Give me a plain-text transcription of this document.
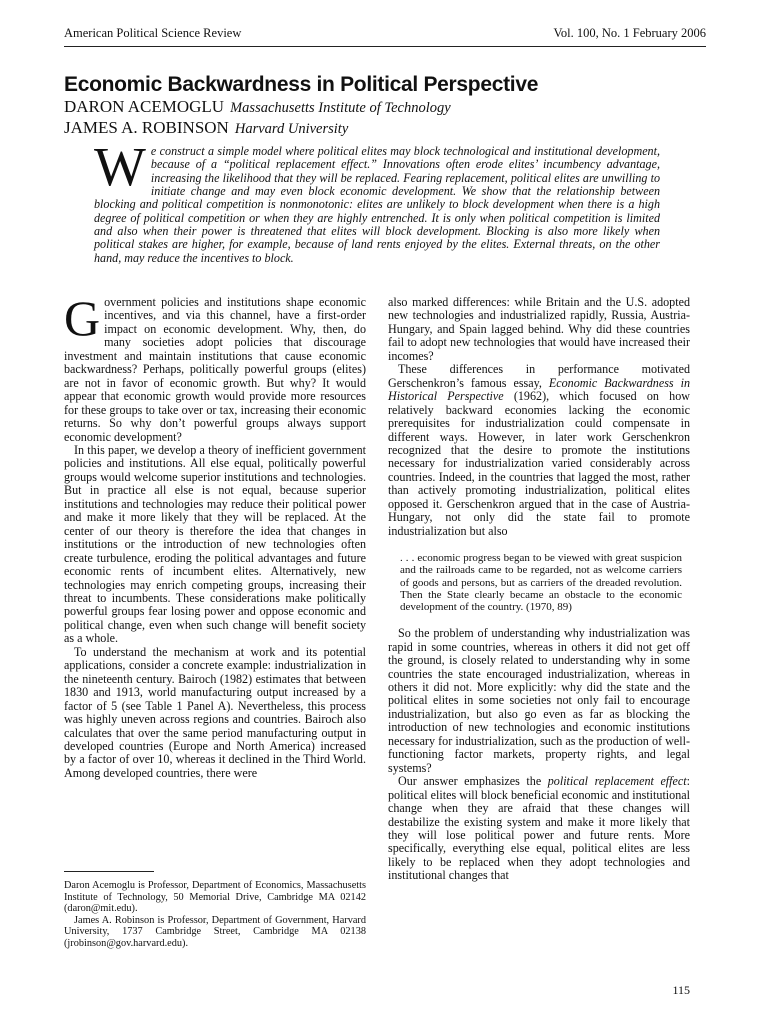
American Political Science Review	Vol. 100, No. 1 February 2006
Economic Backwardness in Political Perspective
DARON ACEMOGLU Massachusetts Institute of Technology
JAMES A. ROBINSON Harvard University

We construct a simple model where political elites may block technological and institutional development, because of a “political replacement effect.” Innovations often erode elites’ incumbency advantage, increasing the likelihood that they will be replaced. Fearing replacement, political elites are unwilling to initiate change and may even block economic development. We show that the relationship between blocking and political competition is nonmonotonic: elites are unlikely to block development when there is a high degree of political competition or when they are highly entrenched. It is only when political competition is limited and also when their power is threatened that elites will block development. Blocking is also more likely when political stakes are higher, for example, because of land rents enjoyed by the elites. External threats, on the other hand, may reduce the incentives to block.

Government policies and institutions shape economic incentives, and via this channel, have a first-order impact on economic development. Why, then, do many societies adopt policies that discourage investment and maintain institutions that cause economic backwardness? Perhaps, politically powerful groups (elites) are not in favor of economic growth. But why? It would appear that economic growth would provide more resources for these groups to take over or tax, increasing their economic returns. So why don’t powerful groups always support economic development?

In this paper, we develop a theory of inefficient government policies and institutions. All else equal, politically powerful groups would welcome superior institutions and technologies. But in practice all else is not equal, because superior institutions and technologies may reduce their political power and make it more likely that they will be replaced. At the center of our theory is therefore the idea that changes in institutions or the introduction of new technologies often create turbulence, eroding the political advantages and future economic rents of incumbent elites. Alternatively, new technologies may enrich competing groups, increasing their threat to incumbents. These considerations make politically powerful groups fear losing power and oppose economic and political change, even when such change will benefit society as a whole.

To understand the mechanism at work and its potential applications, consider a concrete example: industrialization in the nineteenth century. Bairoch (1982) estimates that between 1830 and 1913, world manufacturing output increased by a factor of 5 (see Table 1 Panel A). Nevertheless, this process was highly uneven across regions and countries. Bairoch also calculates that over the same period manufacturing output in developed countries (Europe and North America) increased by a factor of over 10, whereas it declined in the Third World. Among developed countries, there were

also marked differences: while Britain and the U.S. adopted new technologies and industrialized rapidly, Russia, Austria-Hungary, and Spain lagged behind. Why did these countries fail to adopt new technologies that would have increased their incomes?

These differences in performance motivated Gerschenkron’s famous essay, Economic Backwardness in Historical Perspective (1962), which focused on how relatively backward economies lacking the economic prerequisites for industrialization could compensate in different ways. However, in later work Gerschenkron recognized that the desire to promote the institutions necessary for industrialization varied considerably across countries. Indeed, in the countries that lagged the most, rather than actively promoting industrialization, political elites opposed it. Gerschenkron argued that in the case of Austria-Hungary, not only did the state fail to promote industrialization but also

. . . economic progress began to be viewed with great suspicion and the railroads came to be regarded, not as welcome carriers of goods and persons, but as carriers of the dreaded revolution. Then the State clearly became an obstacle to the economic development of the country. (1970, 89)

So the problem of understanding why industrialization was rapid in some countries, whereas in others it did not get off the ground, is closely related to understanding why in some countries the state encouraged industrialization, whereas in others it did not. More explicitly: why did the state and the political elites in some societies not only fail to encourage industrialization, but also go even as far as blocking the introduction of new technologies and economic institutions necessary for industrialization, such as the production of well-functioning factor markets, property rights, and legal systems?

Our answer emphasizes the political replacement effect: political elites will block beneficial economic and institutional change when they are afraid that these changes will destabilize the existing system and make it more likely that they will lose political power and future rents. More specifically, everything else equal, political elites are less likely to be replaced when they adopt technologies and institutional changes that

Daron Acemoglu is Professor, Department of Economics, Massachusetts Institute of Technology, 50 Memorial Drive, Cambridge MA 02142 (daron@mit.edu).

James A. Robinson is Professor, Department of Government, Harvard University, 1737 Cambridge Street, Cambridge MA 02138 (jrobinson@gov.harvard.edu).

115
